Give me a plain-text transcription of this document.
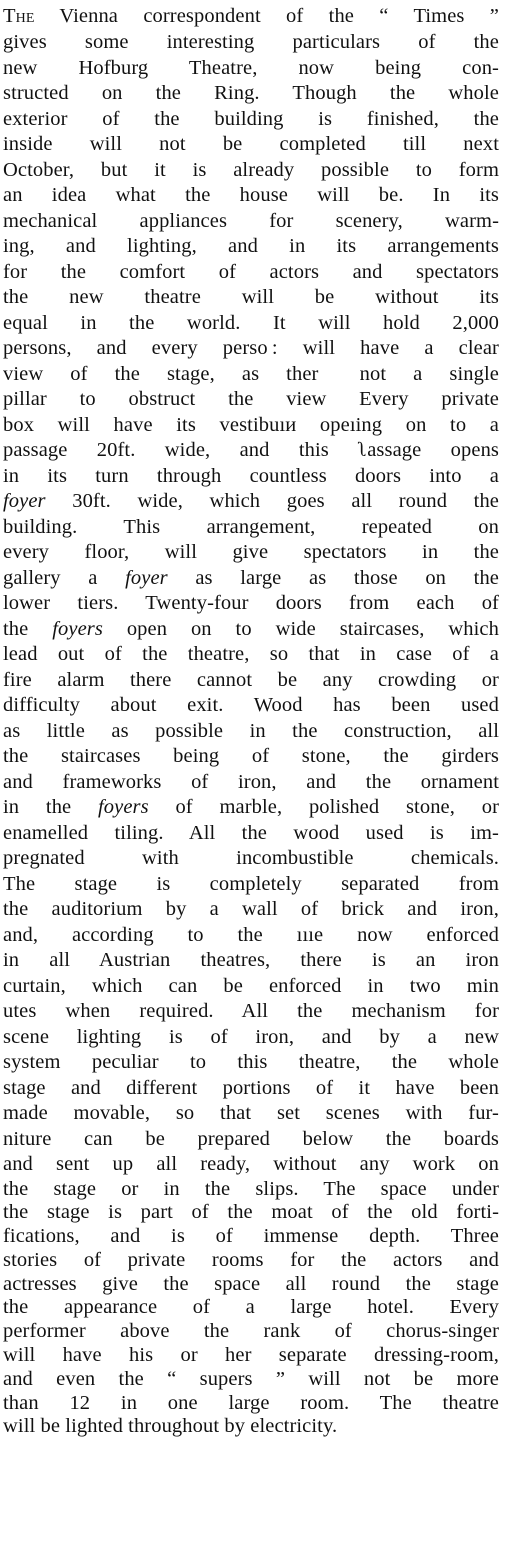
The Vienna correspondent of the “ Times ”
gives some interesting particulars of the
new Hofburg Theatre, now being con-
structed on the Ring. Though the whole
exterior of the building is finished, the
inside will not be completed till next
October, but it is already possible to form
an idea what the house will be. In its
mechanical appliances for scenery, warm-
ing, and lighting, and in its arrangements
for the comfort of actors and spectators
the new theatre will be without its
equal in the world. It will hold 2,000
persons, and every perso : will have a clear
view of the stage, as ther  not a single
pillar to obstruct the view Every private
box will have its vestibuıи opeıing on to a
passage 20ft. wide, and this ʅassage opens
in its turn through countless doors into a
foyer 30ft. wide, which goes all round the
building. This arrangement, repeated on
every floor, will give spectators in the
gallery a foyer as large as those on the
lower tiers. Twenty-four doors from each of
the foyers open on to wide staircases, which
lead out of the theatre, so that in case of a
fire alarm there cannot be any crowding or
difficulty about exit. Wood has been used
as little as possible in the construction, all
the staircases being of stone, the girders
and frameworks of iron, and the ornament
in the foyers of marble, polished stone, or
enamelled tiling. All the wood used is im-
pregnated with incombustible chemicals.
The stage is completely separated from
the auditorium by a wall of brick and iron,
and, according to the ıııe now enforced
in all Austrian theatres, there is an iron
curtain, which can be enforced in two min
utes when required. All the mechanism for
scene lighting is of iron, and by a new
system peculiar to this theatre, the whole
stage and different portions of it have been
made movable, so that set scenes with fur-
niture can be prepared below the boards
and sent up all ready, without any work on
the stage or in the slips. The space under
the stage is part of the moat of the old forti-
fications, and is of immense depth. Three
stories of private rooms for the actors and
actresses give the space all round the stage
the appearance of a large hotel. Every
performer above the rank of chorus-singer
will have his or her separate dressing-room,
and even the “ supers ” will not be more
than 12 in one large room. The theatre
will be lighted throughout by electricity.
